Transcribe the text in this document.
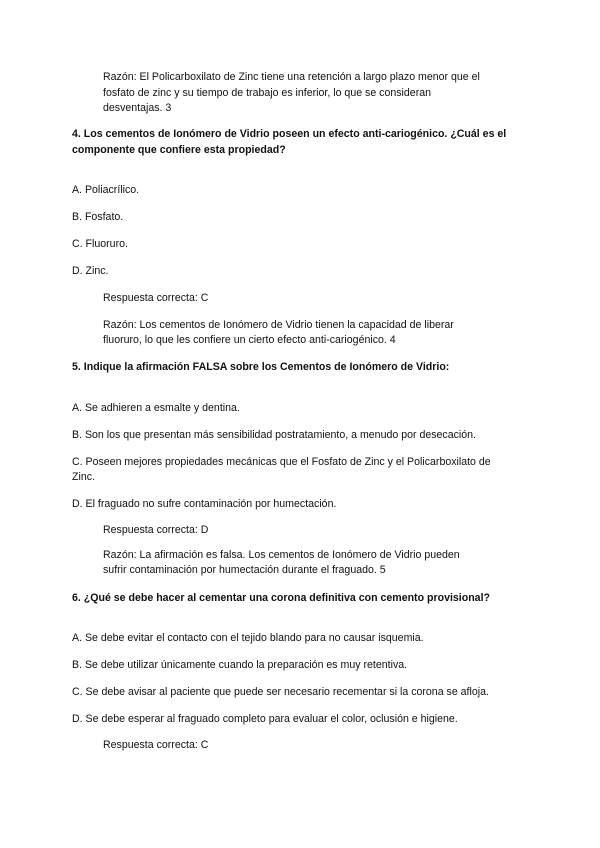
Razón: El Policarboxilato de Zinc tiene una retención a largo plazo menor que el
fosfato de zinc y su tiempo de trabajo es inferior, lo que se consideran
desventajas. 3
4. Los cementos de Ionómero de Vidrio poseen un efecto anti-cariogénico. ¿Cuál es el
componente que confiere esta propiedad?
A. Poliacrílico.
B. Fosfato.
C. Fluoruro.
D. Zinc.
Respuesta correcta: C
Razón: Los cementos de Ionómero de Vidrio tienen la capacidad de liberar
fluoruro, lo que les confiere un cierto efecto anti-cariogénico. 4
5. Indique la afirmación FALSA sobre los Cementos de Ionómero de Vidrio:
A. Se adhieren a esmalte y dentina.
B. Son los que presentan más sensibilidad postratamiento, a menudo por desecación.
C. Poseen mejores propiedades mecánicas que el Fosfato de Zinc y el Policarboxilato de
Zinc.
D. El fraguado no sufre contaminación por humectación.
Respuesta correcta: D
Razón: La afirmación es falsa. Los cementos de Ionómero de Vidrio pueden
sufrir contaminación por humectación durante el fraguado. 5
6. ¿Qué se debe hacer al cementar una corona definitiva con cemento provisional?
A. Se debe evitar el contacto con el tejido blando para no causar isquemia.
B. Se debe utilizar únicamente cuando la preparación es muy retentiva.
C. Se debe avisar al paciente que puede ser necesario recementar si la corona se afloja.
D. Se debe esperar al fraguado completo para evaluar el color, oclusión e higiene.
Respuesta correcta: C
